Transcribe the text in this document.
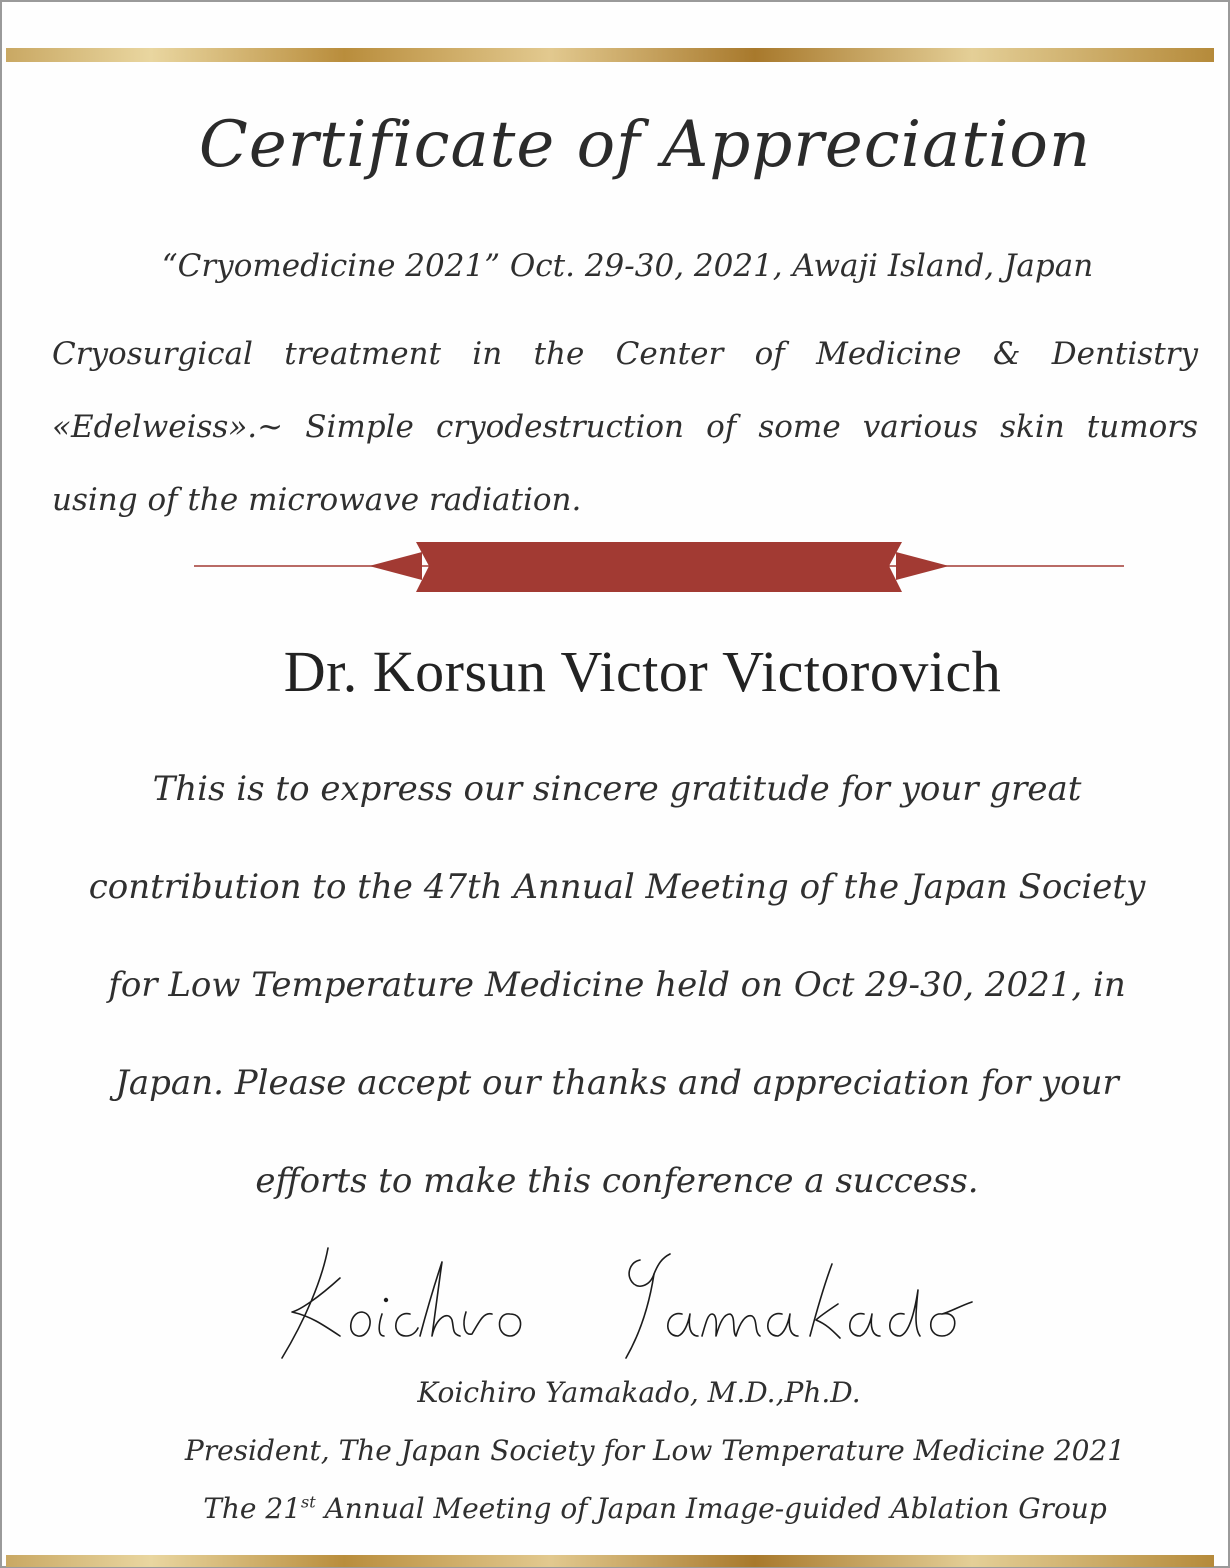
Certificate of Appreciation
“Cryomedicine 2021” Oct. 29-30, 2021, Awaji Island, Japan
Cryosurgical treatment in the Center of Medicine & Dentistry «Edelweiss».~ Simple cryodestruction of some various skin tumors using of the microwave radiation.
Dr. Korsun Victor Victorovich
This is to express our sincere gratitude for your great
contribution to the 47th Annual Meeting of the Japan Society
for Low Temperature Medicine held on Oct 29-30, 2021, in
Japan. Please accept our thanks and appreciation for your
efforts to make this conference a success.
Koichiro Yamakado, M.D.,Ph.D.
President, The Japan Society for Low Temperature Medicine 2021
The 21st Annual Meeting of Japan Image-guided Ablation Group
